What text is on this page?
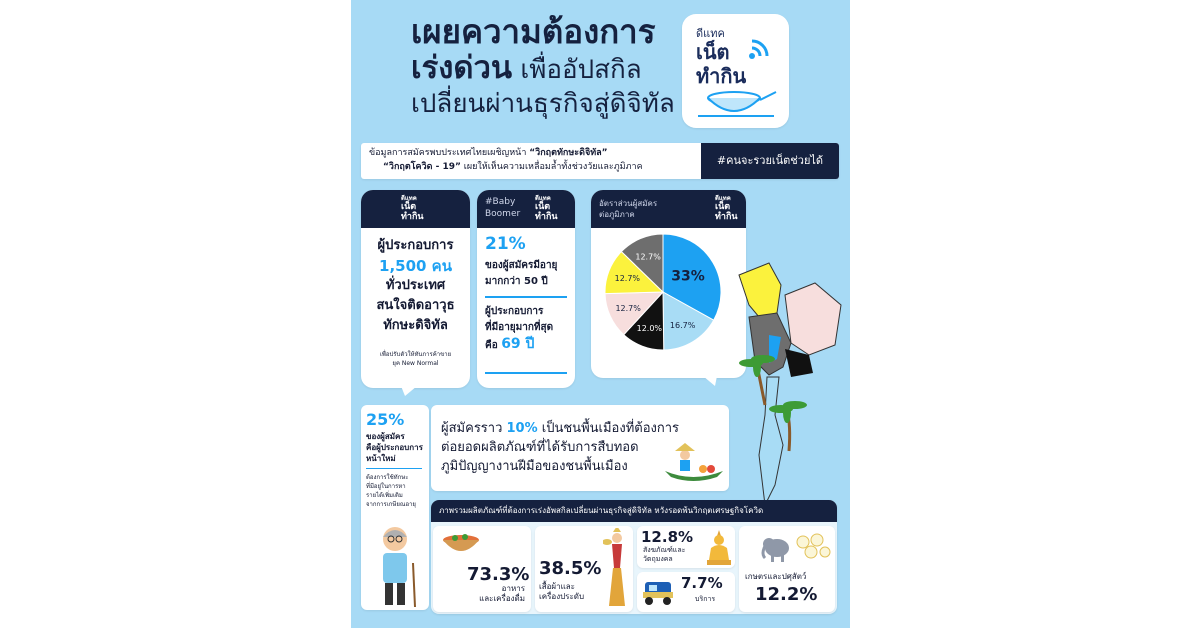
เผยความต้องการ
เร่งด่วน เพื่ออัปสกิล
เปลี่ยนผ่านธุรกิจสู่ดิจิทัล
ดีแทค
เน็ต
ทำกิน
ข้อมูลการสมัครพบประเทศไทยเผชิญหน้า “วิกฤตทักษะดิจิทัล”
“วิกฤตโควิด - 19” เผยให้เห็นความเหลื่อมล้ำทั้งช่วงวัยและภูมิภาค	#คนจะรวยเน็ตช่วยได้
ดีแทค
เน็ต
ทำกิน
ผู้ประกอบการ
1,500 คน
ทั่วประเทศ
สนใจติดอาวุธ
ทักษะดิจิทัล
เพื่อปรับตัวให้ทันการค้าขาย
ยุค New Normal
#Baby
Boomer
ดีแทค
เน็ต
ทำกิน
21%
ของผู้สมัครมีอายุ
มากกว่า 50 ปี
ผู้ประกอบการ
ที่มีอายุมากที่สุด
คือ 69 ปี
อัตราส่วนผู้สมัคร
ต่อภูมิภาค
ดีแทค
เน็ต
ทำกิน
33%
16.7%
12.0%
12.7%
12.7%
12.7%
25%
ของผู้สมัคร
คือผู้ประกอบการ
หน้าใหม่
ต้องการใช้ทักษะ
ที่มีอยู่ในการหา
รายได้เพิ่มเติม
จากการเกษียณอายุ
ผู้สมัครราว 10% เป็นชนพื้นเมืองที่ต้องการ
ต่อยอดผลิตภัณฑ์ที่ได้รับการสืบทอด
ภูมิปัญญางานฝีมือของชนพื้นเมือง
ภาพรวมผลิตภัณฑ์ที่ต้องการเร่งอัพสกิลเปลี่ยนผ่านธุรกิจสู่ดิจิทัล หวังรอดพ้นวิกฤตเศรษฐกิจโควิด
73.3%
อาหาร
และเครื่องดื่ม
38.5%
เสื้อผ้าและ
เครื่องประดับ
12.8%
สังฆภัณฑ์และ
วัตถุมงคล
7.7%
บริการ
เกษตรและปศุสัตว์
12.2%
